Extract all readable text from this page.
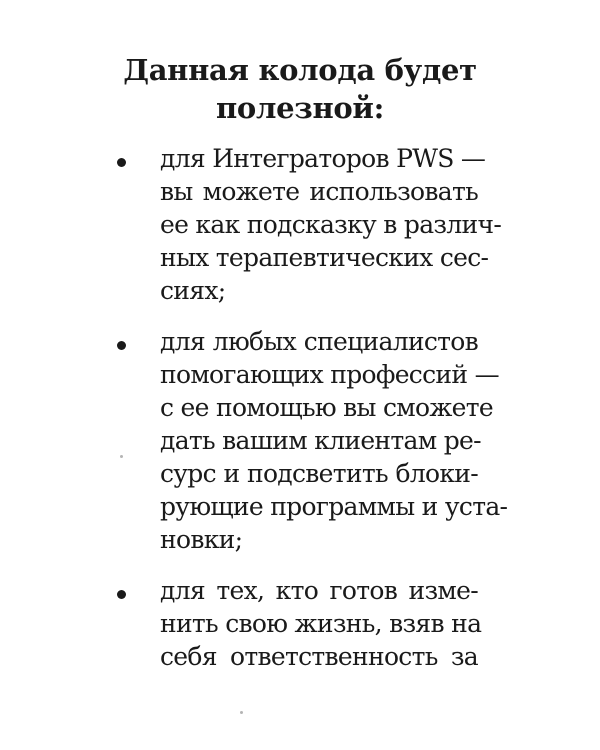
Данная колода будет
полезной:
для Интеграторов PWS —
вы можете использовать
ее как подсказку в различ-
ных терапевтических сес-
сиях;
для любых специалистов
помогающих профессий —
с ее помощью вы сможете
дать вашим клиентам ре-
сурс и подсветить блоки-
рующие программы и уста-
новки;
для тех, кто готов изме-
нить свою жизнь, взяв на
себя ответственность за
